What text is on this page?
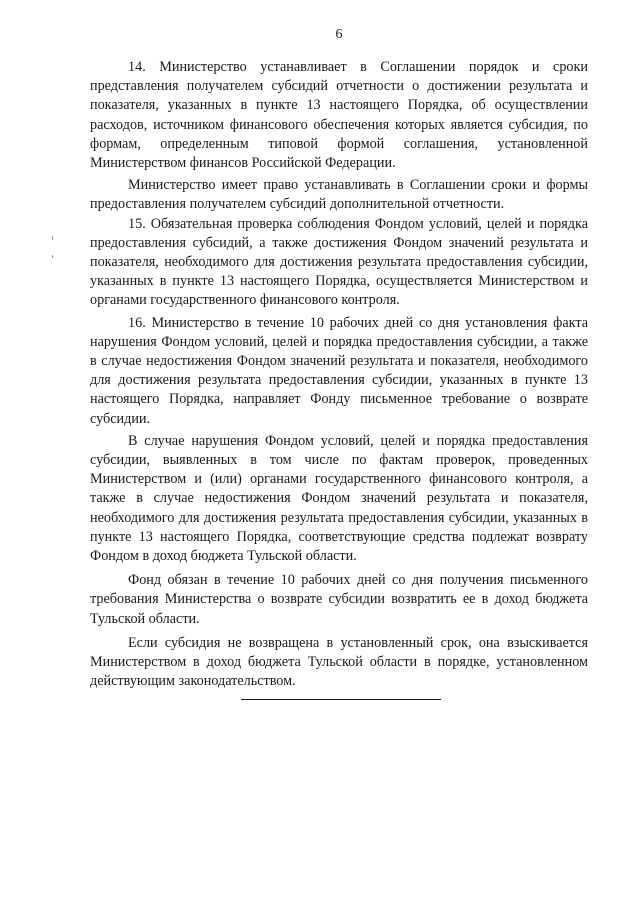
6

14. Министерство устанавливает в Соглашении порядок и сроки представления получателем субсидий отчетности о достижении результата и показателя, указанных в пункте 13 настоящего Порядка, об осуществлении расходов, источником финансового обеспечения которых является субсидия, по формам, определенным типовой формой соглашения, установленной Министерством финансов Российской Федерации.

Министерство имеет право устанавливать в Соглашении сроки и формы предоставления получателем субсидий дополнительной отчетности.

15. Обязательная проверка соблюдения Фондом условий, целей и порядка предоставления субсидий, а также достижения Фондом значений результата и показателя, необходимого для достижения результата предоставления субсидии, указанных в пункте 13 настоящего Порядка, осуществляется Министерством и органами государственного финансового контроля.

16. Министерство в течение 10 рабочих дней со дня установления факта нарушения Фондом условий, целей и порядка предоставления субсидии, а также в случае недостижения Фондом значений результата и показателя, необходимого для достижения результата предоставления субсидии, указанных в пункте 13 настоящего Порядка, направляет Фонду письменное требование о возврате субсидии.

В случае нарушения Фондом условий, целей и порядка предоставления субсидии, выявленных в том числе по фактам проверок, проведенных Министерством и (или) органами государственного финансового контроля, а также в случае недостижения Фондом значений результата и показателя, необходимого для достижения результата предоставления субсидии, указанных в пункте 13 настоящего Порядка, соответствующие средства подлежат возврату Фондом в доход бюджета Тульской области.

Фонд обязан в течение 10 рабочих дней со дня получения письменного требования Министерства о возврате субсидии возвратить ее в доход бюджета Тульской области.

Если субсидия не возвращена в установленный срок, она взыскивается Министерством в доход бюджета Тульской области в порядке, установленном действующим законодательством.
